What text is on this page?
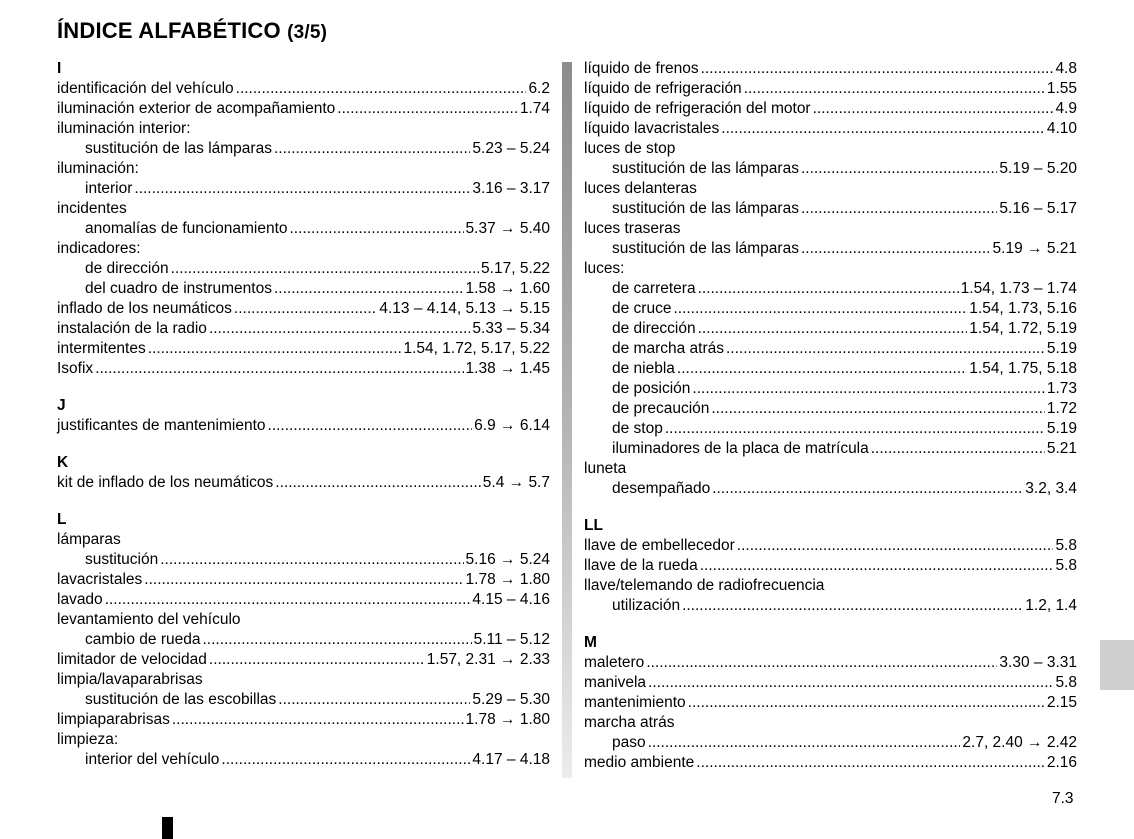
ÍNDICE ALFABÉTICO (3/5)
I
identificación del vehículo .....	6.2
iluminación exterior de acompañamiento .....	1.74
iluminación interior:
sustitución de las lámparas .....	5.23 – 5.24
iluminación:
interior .....	3.16 – 3.17
incidentes
anomalías de funcionamiento .....	5.37 → 5.40
indicadores:
de dirección .....	5.17, 5.22
del cuadro de instrumentos .....	1.58 → 1.60
inflado de los neumáticos .....	4.13 – 4.14, 5.13 → 5.15
instalación de la radio .....	5.33 – 5.34
intermitentes .....	1.54, 1.72, 5.17, 5.22
Isofix .....	1.38 → 1.45
J
justificantes de mantenimiento .....	6.9 → 6.14
K
kit de inflado de los neumáticos .....	5.4 → 5.7
L
lámparas
sustitución .....	5.16 → 5.24
lavacristales .....	1.78 → 1.80
lavado .....	4.15 – 4.16
levantamiento del vehículo
cambio de rueda .....	5.11 – 5.12
limitador de velocidad .....	1.57, 2.31 → 2.33
limpia/lavaparabrisas
sustitución de las escobillas .....	5.29 – 5.30
limpiaparabrisas .....	1.78 → 1.80
limpieza:
interior del vehículo .....	4.17 – 4.18
líquido de frenos .....	4.8
líquido de refrigeración .....	1.55
líquido de refrigeración del motor .....	4.9
líquido lavacristales .....	4.10
luces de stop
sustitución de las lámparas .....	5.19 – 5.20
luces delanteras
sustitución de las lámparas .....	5.16 – 5.17
luces traseras
sustitución de las lámparas .....	5.19 → 5.21
luces:
de carretera .....	1.54, 1.73 – 1.74
de cruce .....	1.54, 1.73, 5.16
de dirección .....	1.54, 1.72, 5.19
de marcha atrás .....	5.19
de niebla .....	1.54, 1.75, 5.18
de posición .....	1.73
de precaución .....	1.72
de stop .....	5.19
iluminadores de la placa de matrícula .....	5.21
luneta
desempañado .....	3.2, 3.4
LL
llave de embellecedor .....	5.8
llave de la rueda .....	5.8
llave/telemando de radiofrecuencia
utilización .....	1.2, 1.4
M
maletero .....	3.30 – 3.31
manivela .....	5.8
mantenimiento .....	2.15
marcha atrás
paso .....	2.7, 2.40 → 2.42
medio ambiente .....	2.16
7.3
